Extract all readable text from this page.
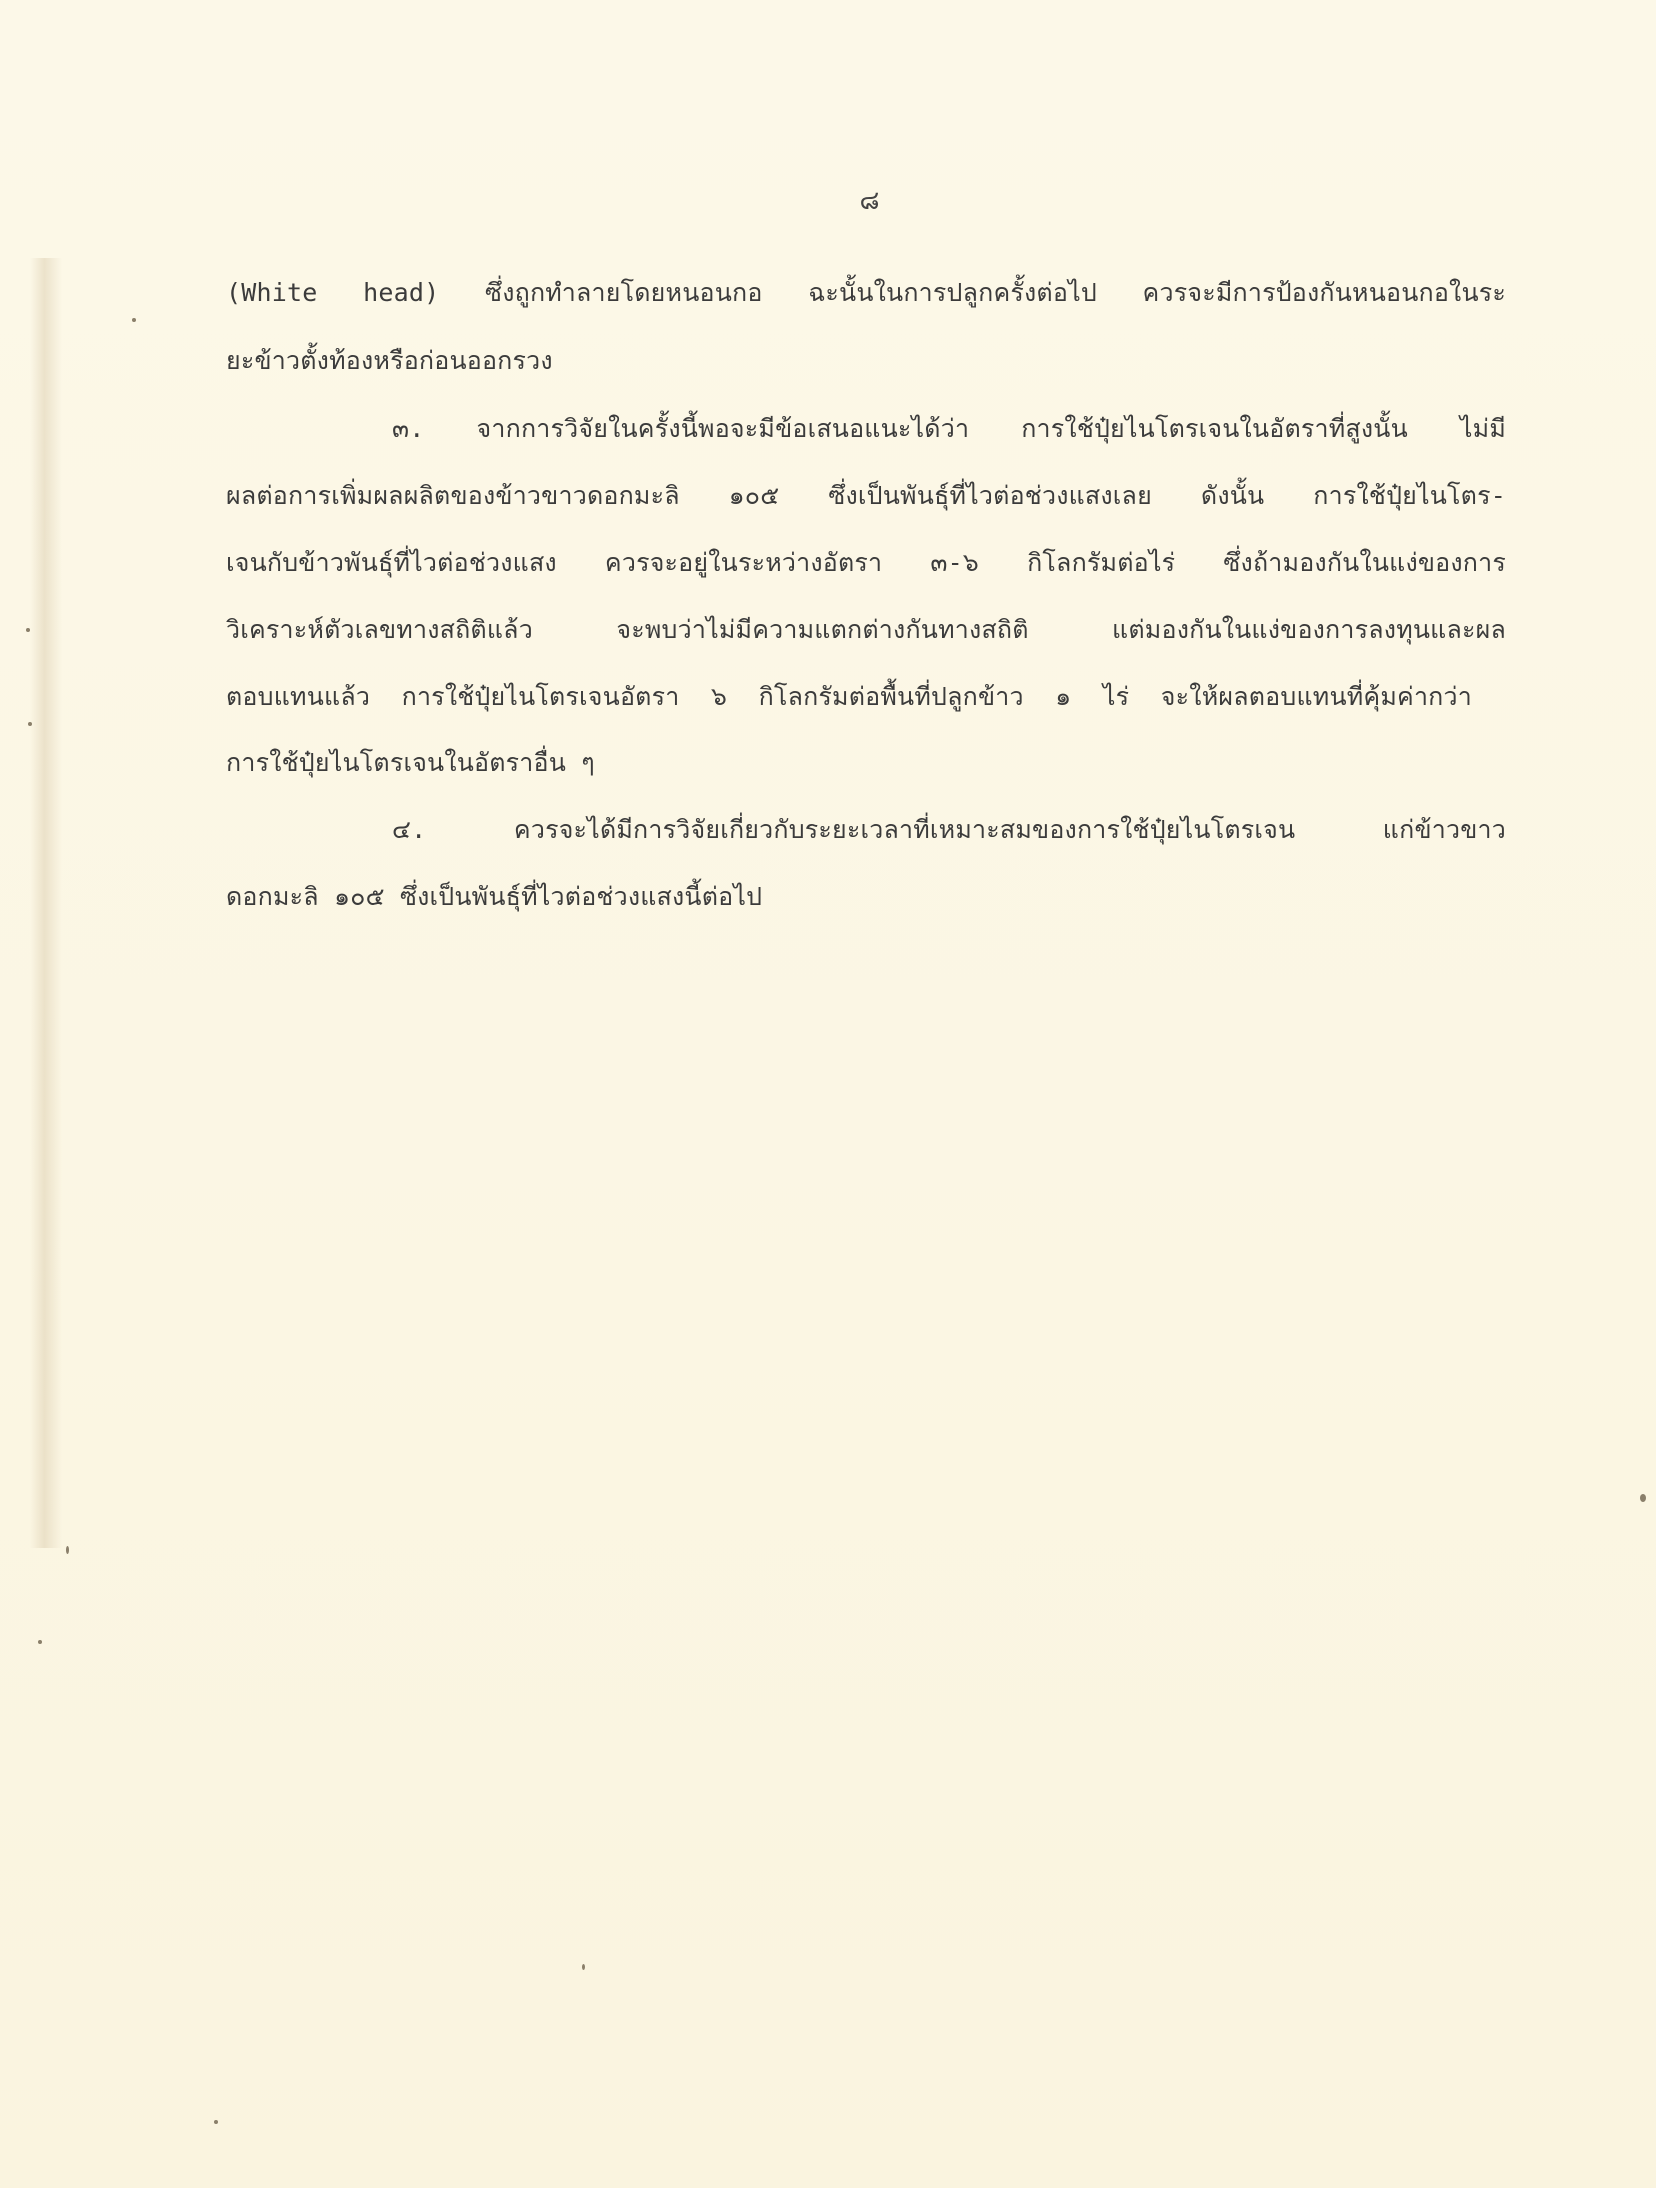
๘
(White head) ซึ่งถูกทำลายโดยหนอนกอ ฉะนั้นในการปลูกครั้งต่อไป ควรจะมีการป้องกันหนอนกอในระ
ยะข้าวตั้งท้องหรือก่อนออกรวง
๓. จากการวิจัยในครั้งนี้พอจะมีข้อเสนอแนะได้ว่า การใช้ปุ๋ยไนโตรเจนในอัตราที่สูงนั้น ไม่มี
ผลต่อการเพิ่มผลผลิตของข้าวขาวดอกมะลิ ๑๐๕ ซึ่งเป็นพันธุ์ที่ไวต่อช่วงแสงเลย ดังนั้น การใช้ปุ๋ยไนโตร-
เจนกับข้าวพันธุ์ที่ไวต่อช่วงแสง ควรจะอยู่ในระหว่างอัตรา ๓-๖ กิโลกรัมต่อไร่ ซึ่งถ้ามองกันในแง่ของการ
วิเคราะห์ตัวเลขทางสถิติแล้ว จะพบว่าไม่มีความแตกต่างกันทางสถิติ แต่มองกันในแง่ของการลงทุนและผล
ตอบแทนแล้ว การใช้ปุ๋ยไนโตรเจนอัตรา ๖ กิโลกรัมต่อพื้นที่ปลูกข้าว ๑ ไร่ จะให้ผลตอบแทนที่คุ้มค่ากว่า
การใช้ปุ๋ยไนโตรเจนในอัตราอื่น ๆ
๔. ควรจะได้มีการวิจัยเกี่ยวกับระยะเวลาที่เหมาะสมของการใช้ปุ๋ยไนโตรเจน แก่ข้าวขาว
ดอกมะลิ ๑๐๕ ซึ่งเป็นพันธุ์ที่ไวต่อช่วงแสงนี้ต่อไป
